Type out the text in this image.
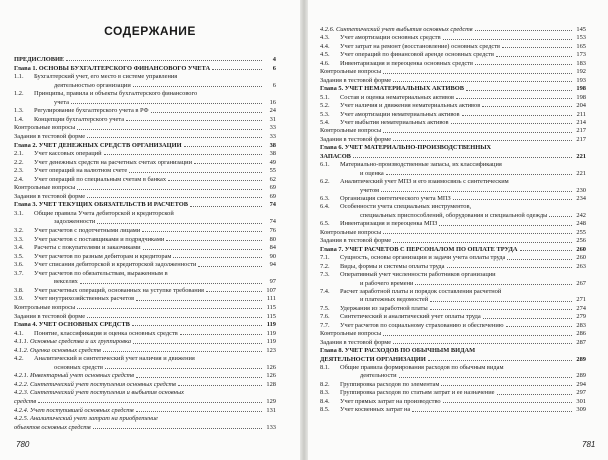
СОДЕРЖАНИЕ
ПРЕДИСЛОВИЕ	4
Глава 1. ОСНОВЫ БУХГАЛТЕРСКОГО ФИНАНСОВОГО УЧЕТА	6
1.1.	Бухгалтерский учет, его место в системе управления
деятельностью организации	6
1.2.	Принципы, правила и объекты бухгалтерского финансового
учета	16
1.3.	Регулирование бухгалтерского учета в РФ	24
1.4.	Концепции бухгалтерского учета	31
Контрольные вопросы	33
Задания в тестовой форме	33
Глава 2. УЧЕТ ДЕНЕЖНЫХ СРЕДСТВ ОРГАНИЗАЦИИ	38
2.1.	Учет кассовых операций	38
2.2.	Учет денежных средств на расчетных счетах организации	49
2.3.	Учет операций на валютном счете	55
2.4.	Учет операций по специальным счетам в банках	62
Контрольные вопросы	69
Задания в тестовой форме	69
Глава 3. УЧЕТ ТЕКУЩИХ ОБЯЗАТЕЛЬСТВ И РАСЧЕТОВ	74
3.1.	Общие правила Учета дебиторской и кредиторской
задолженности	74
3.2.	Учет расчетов с подотчетными лицами	76
3.3.	Учет расчетов с поставщиками и подрядчиками	80
3.4.	Расчеты с покупателями и заказчиками	84
3.5.	Учет расчетов по разным дебиторам и кредиторам	90
3.6.	Учет списания дебиторской и кредиторской задолженности	94
3.7.	Учет расчетов по обязательствам, выраженным в
векселях	97
3.8.	Учет расчетных операций, основанных на уступке требования	107
3.9.	Учет внутрихозяйственных расчетов	111
Контрольные вопросы	115
Задания в тестовой форме	115
Глава 4. УЧЕТ ОСНОВНЫХ СРЕДСТВ	119
4.1.	Понятие, классификация и оценка основных средств	119
4.1.1. Основные средства и их группировка	119
4.1.2. Оценка основных средств	123
4.2.	Аналитический и синтетический учет наличия и движения
основных средств	126
4.2.1. Инвентарный учет основных средств	126
4.2.2. Синтетический учет поступления основных средств	128
4.2.3. Синтетический учет поступления и выбытия основных
средств	129
4.2.4. Учет поступившей основных средств	131
4.2.5. Аналитический учет затрат на приобретение
объектов основных средств	133
4.2.6. Синтетический учет выбытия основных средств	145
4.3.	Учет амортизации основных средств	153
4.4.	Учет затрат на ремонт (восстановление) основных средств	165
4.5.	Учет операций по финансовой аренде основных средств	173
4.6.	Инвентаризация и переоценка основных средств	183
Контрольные вопросы	192
Задания в тестовой форме	193
Глава 5. УЧЕТ НЕМАТЕРИАЛЬНЫХ АКТИВОВ	198
5.1.	Состав и оценка нематериальных активов	198
5.2.	Учет наличия и движения нематериальных активов	204
5.3.	Учет амортизации нематериальных активов	211
5.4.	Учет выбытия нематериальных активов	214
Контрольные вопросы	217
Задания в тестовой форме	217
Глава 6. УЧЕТ МАТЕРИАЛЬНО-ПРОИЗВОДСТВЕННЫХ
ЗАПАСОВ	221
6.1.	Материально-производственные запасы, их классификация
и оценка	221
6.2.	Аналитический учет МПЗ и его взаимосвязь с синтетическим
учетом	230
6.3.	Организация синтетического учета МПЗ	234
6.4.	Особенности учета специальных инструментов,
специальных приспособлений, оборудования и специальной одежды	242
6.5.	Инвентаризация и переоценка МПЗ	248
Контрольные вопросы	255
Задания в тестовой форме	256
Глава 7. УЧЕТ РАСЧЕТОВ С ПЕРСОНАЛОМ ПО ОПЛАТЕ ТРУДА	260
7.1.	Сущность, основы организации и задачи учета оплаты труда	260
7.2.	Виды, формы и системы оплаты труда	263
7.3.	Оперативный учет численности работников организации
и рабочего времени	267
7.4.	Расчет заработной платы и порядок составления расчетной
и платежных ведомостей	271
7.5.	Удержания из заработной платы	274
7.6.	Синтетический и аналитический учет оплаты труда	279
7.7.	Учет расчетов по социальному страхованию и обеспечению	283
Контрольные вопросы	286
Задания в тестовой форме	287
Глава 8. УЧЕТ РАСХОДОВ ПО ОБЫЧНЫМ ВИДАМ
ДЕЯТЕЛЬНОСТИ ОРГАНИЗАЦИИ	289
8.1.	Общие правила формирования расходов по обычным видам
деятельности	289
8.2.	Группировка расходов по элементам	294
8.3.	Группировка расходов по статьям затрат и ее назначение	297
8.4.	Учет прямых затрат на производство	301
8.5.	Учет косвенных затрат на	309
780	781
